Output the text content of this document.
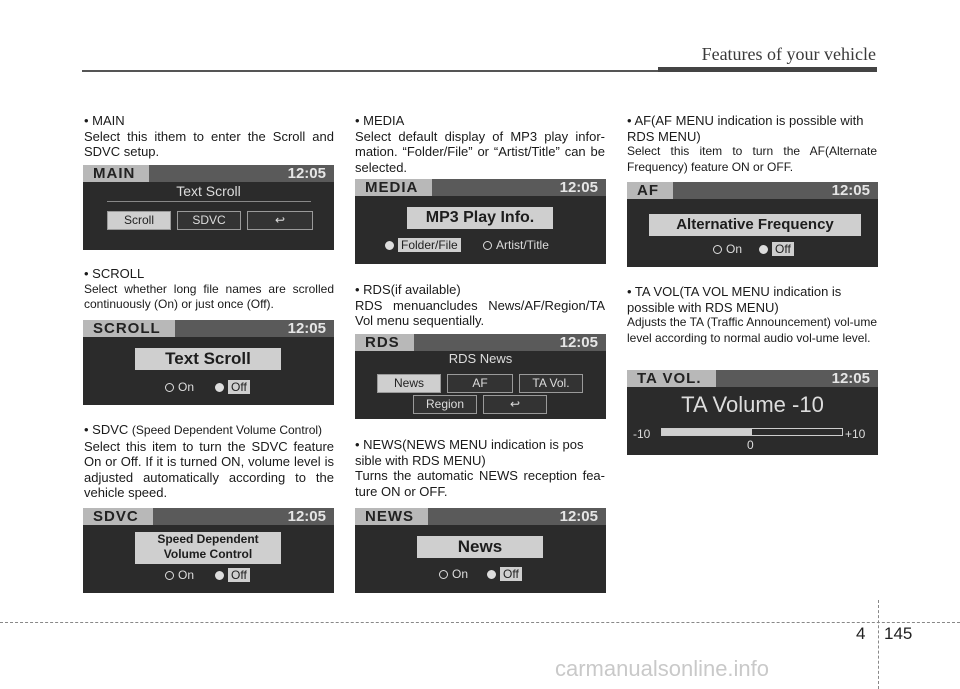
Features of your vehicle
• MAIN
Select this ithem to enter the Scroll and SDVC setup.
MAIN	12:05
Text Scroll
Scroll	SDVC	↩
• SCROLL
Select whether long file names are scrolled continuously (On) or just once (Off).
SCROLL	12:05
Text Scroll
On	Off
• SDVC (Speed Dependent Volume Control)
Select this item to turn the SDVC feature On or Off. If it is turned ON, volume level is adjusted automatically according to the vehicle speed.
SDVC	12:05
Speed Dependent
Volume Control
On	Off
• MEDIA
Select default display of MP3 play infor-mation. “Folder/File” or “Artist/Title” can be selected.
MEDIA	12:05
MP3 Play Info.
Folder/File	Artist/Title
• RDS(if available)
RDS menuancludes News/AF/Region/TA Vol menu sequentially.
RDS	12:05
RDS News
News	AF	TA Vol.
Region	↩
• NEWS(NEWS MENU indication is pos sible with RDS MENU)
Turns the automatic NEWS reception fea-ture ON or OFF.
NEWS	12:05
News
On	Off
• AF(AF MENU indication is possible with RDS MENU)
Select this item to turn the AF(Alternate Frequency) feature ON or OFF.
AF	12:05
Alternative Frequency
On	Off
• TA VOL(TA VOL MENU indication is possible with RDS MENU)
Adjusts the TA (Traffic Announcement) vol-ume level according to normal audio vol-ume level.
TA VOL.	12:05
TA Volume -10
-10	+10
0
4 145
carmanualsonline.info
